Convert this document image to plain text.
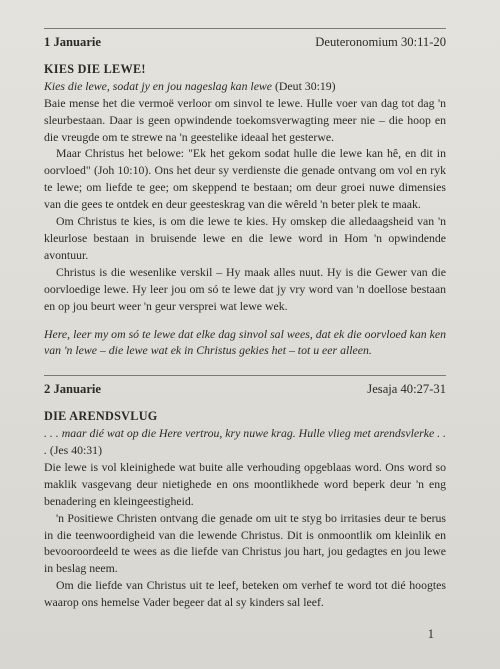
1 Januarie	Deuteronomium 30:11-20
KIES DIE LEWE!
Kies die lewe, sodat jy en jou nageslag kan lewe (Deut 30:19)

Baie mense het die vermoë verloor om sinvol te lewe. Hulle voer van dag tot dag 'n sleurbestaan. Daar is geen opwindende toekomsverwagting meer nie – die hoop en die vreugde om te strewe na 'n geestelike ideaal het gesterwe.

Maar Christus het belowe: "Ek het gekom sodat hulle die lewe kan hê, en dit in oorvloed" (Joh 10:10). Ons het deur sy verdienste die genade ontvang om vol en ryk te lewe; om liefde te gee; om skeppend te bestaan; om deur groei nuwe dimensies van die gees te ontdek en deur geesteskrag van die wêreld 'n beter plek te maak.

Om Christus te kies, is om die lewe te kies. Hy omskep die alledaagsheid van 'n kleurlose bestaan in bruisende lewe en die lewe word in Hom 'n opwindende avontuur.

Christus is die wesenlike verskil – Hy maak alles nuut. Hy is die Gewer van die oorvloedige lewe. Hy leer jou om só te lewe dat jy vry word van 'n doellose bestaan en op jou beurt weer 'n geur versprei wat lewe wek.

Here, leer my om só te lewe dat elke dag sinvol sal wees, dat ek die oorvloed kan ken van 'n lewe – die lewe wat ek in Christus gekies het – tot u eer alleen.

2 Januarie	Jesaja 40:27-31
DIE ARENDSVLUG
. . . maar dié wat op die Here vertrou, kry nuwe krag. Hulle vlieg met arendsvlerke . . . (Jes 40:31)

Die lewe is vol kleinighede wat buite alle verhouding opgeblaas word. Ons word so maklik vasgevang deur nietighede en ons moontlikhede word beperk deur 'n eng benadering en kleingeestigheid.

'n Positiewe Christen ontvang die genade om uit te styg bo irritasies deur te berus in die teenwoordigheid van die lewende Christus. Dit is onmoontlik om kleinlik en bevooroordeeld te wees as die liefde van Christus jou hart, jou gedagtes en jou lewe in beslag neem.

Om die liefde van Christus uit te leef, beteken om verhef te word tot dié hoogtes waarop ons hemelse Vader begeer dat al sy kinders sal leef.

1
